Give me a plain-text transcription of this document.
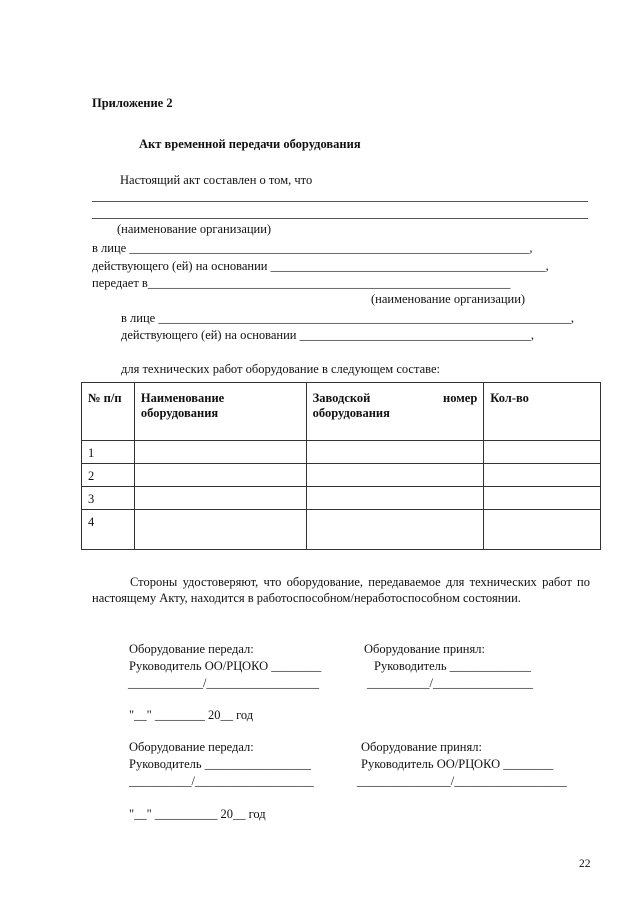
Приложение 2
Акт временной передачи оборудования
Настоящий акт составлен о том, что
(наименование организации)
в лице ________________________________________________________________,
действующего (ей) на основании ____________________________________________,
передает в__________________________________________________________
(наименование организации)
в лице __________________________________________________________________,
действующего (ей) на основании _____________________________________,
для технических работ оборудование в следующем составе:
№ п/п	Наименование оборудования	Заводской номер оборудования	Кол-во
1			
2			
3			
4			
Стороны удостоверяют, что оборудование, передаваемое для технических работ по настоящему Акту, находится в работоспособном/неработоспособном состоянии.
Оборудование передал:	Оборудование принял:
Руководитель ОО/РЦОКО ________	Руководитель _____________
____________/__________________	__________/________________
"__" ________ 20__ год
Оборудование передал:	Оборудование принял:
Руководитель _________________	Руководитель ОО/РЦОКО ________
__________/___________________	_______________/__________________
"__" __________ 20__ год
22
